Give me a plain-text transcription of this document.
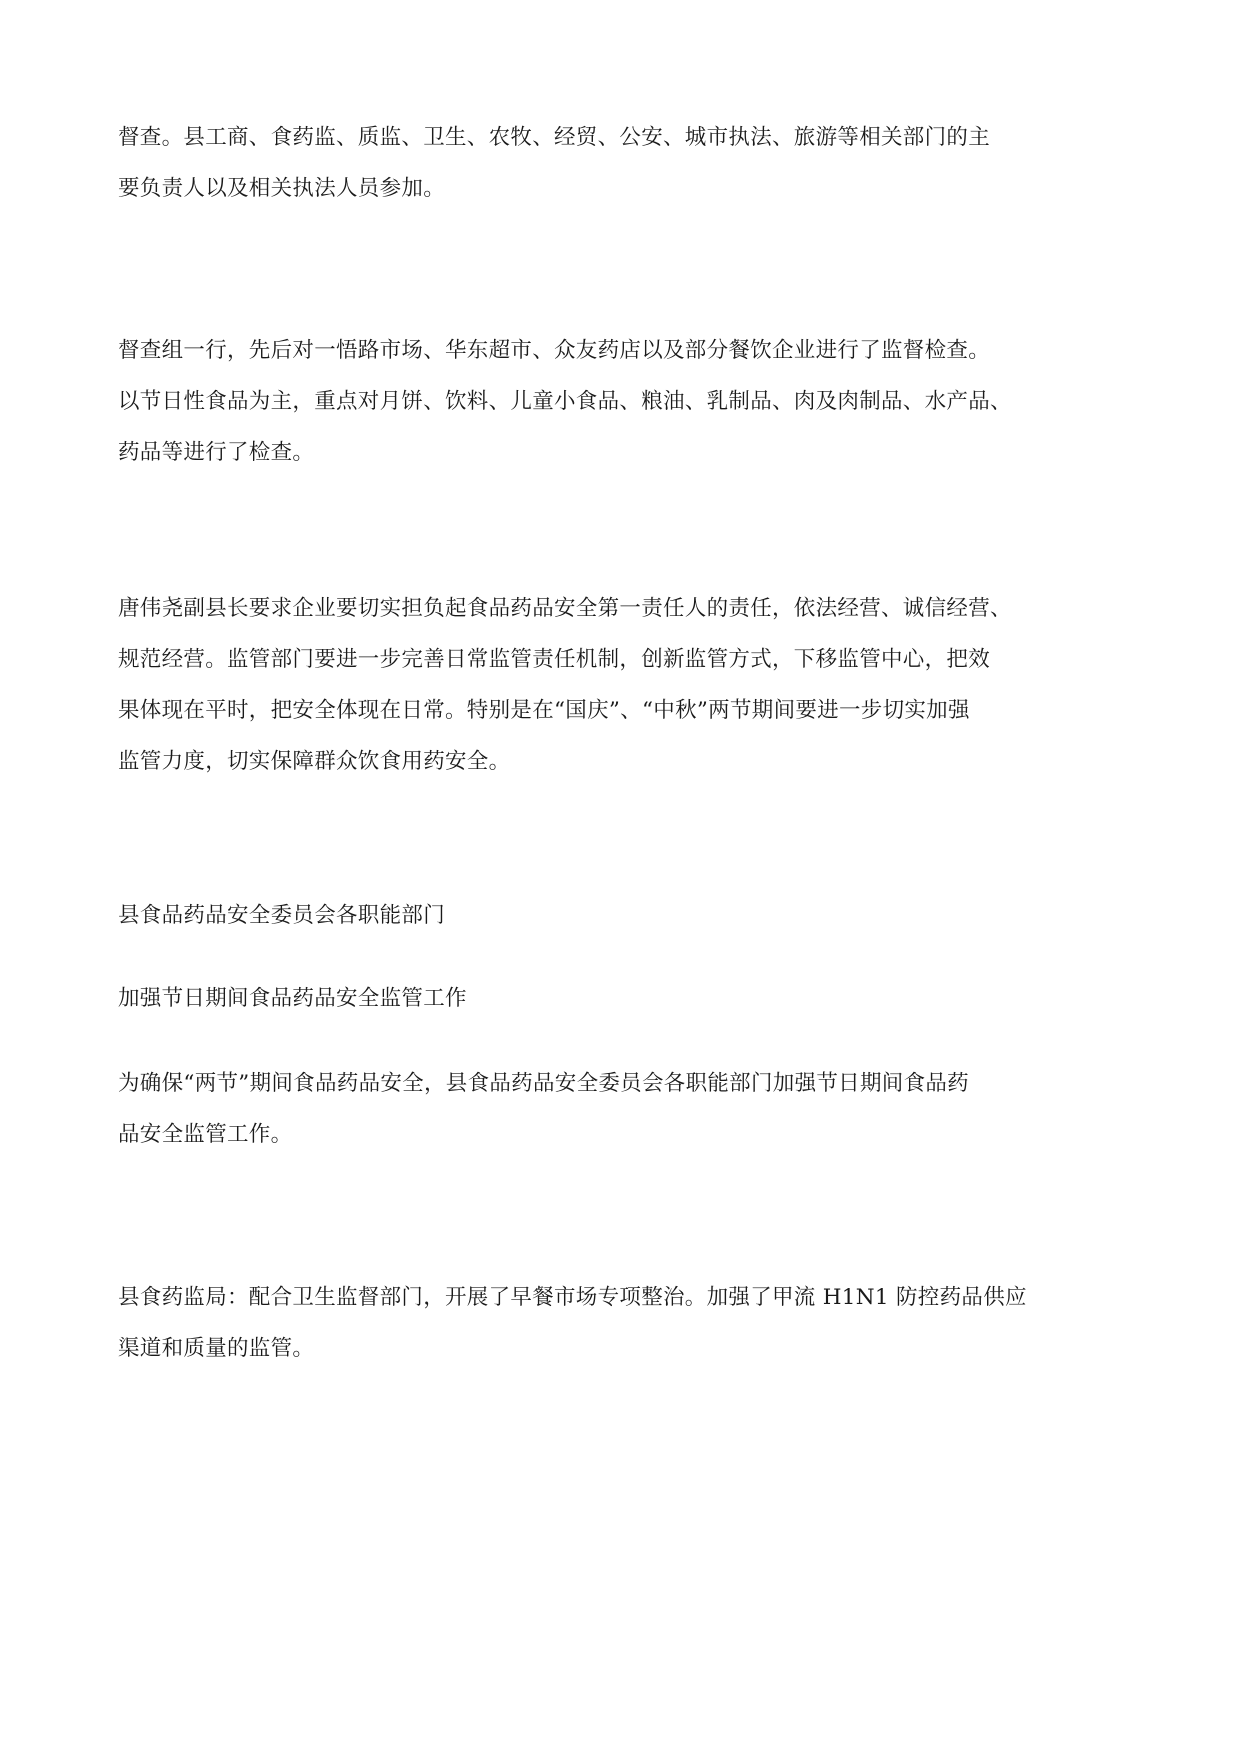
督查。县工商、食药监、质监、卫生、农牧、经贸、公安、城市执法、旅游等相关部门的主
要负责人以及相关执法人员参加。

督查组一行，先后对一悟路市场、华东超市、众友药店以及部分餐饮企业进行了监督检查。
以节日性食品为主，重点对月饼、饮料、儿童小食品、粮油、乳制品、肉及肉制品、水产品、
药品等进行了检查。

唐伟尧副县长要求企业要切实担负起食品药品安全第一责任人的责任，依法经营、诚信经营、
规范经营。监管部门要进一步完善日常监管责任机制，创新监管方式，下移监管中心，把效
果体现在平时，把安全体现在日常。特别是在“国庆”、“中秋”两节期间要进一步切实加强
监管力度，切实保障群众饮食用药安全。

县食品药品安全委员会各职能部门

加强节日期间食品药品安全监管工作

为确保“两节”期间食品药品安全，县食品药品安全委员会各职能部门加强节日期间食品药
品安全监管工作。

县食药监局：配合卫生监督部门，开展了早餐市场专项整治。加强了甲流 H1N1 防控药品供应
渠道和质量的监管。
